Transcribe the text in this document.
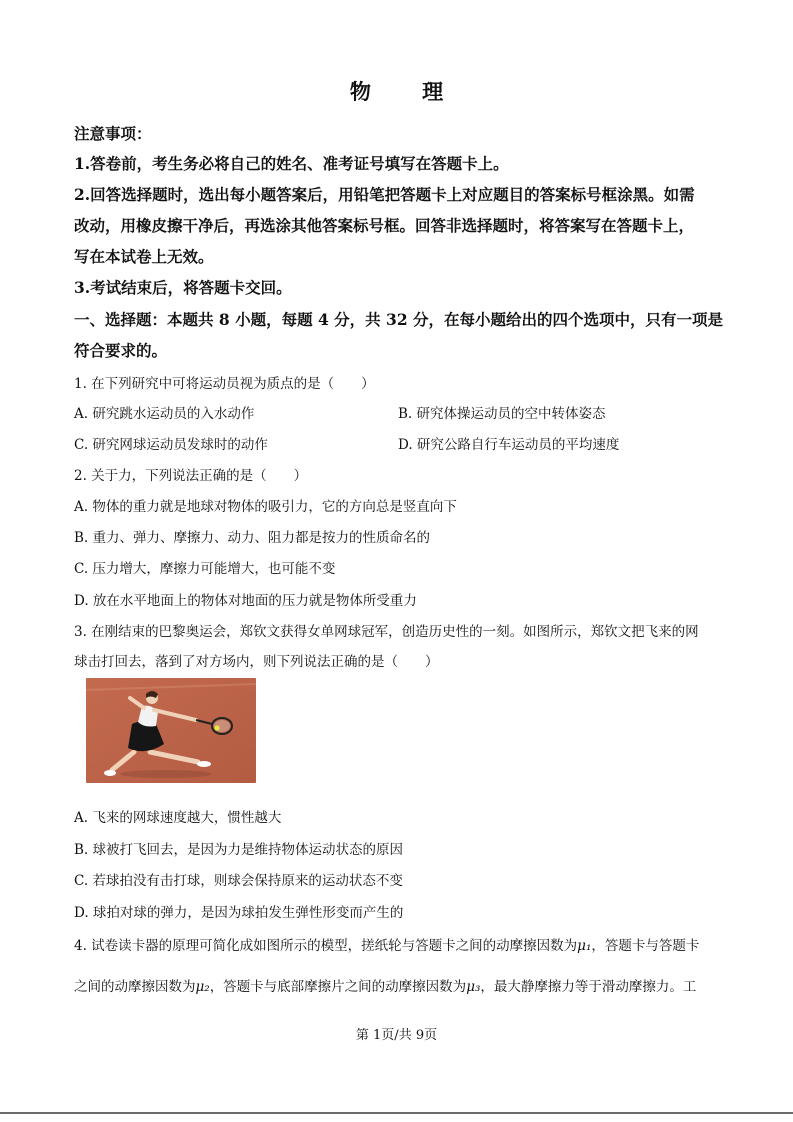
物 理
注意事项：
1.答卷前，考生务必将自己的姓名、准考证号填写在答题卡上。
2.回答选择题时，选出每小题答案后，用铅笔把答题卡上对应题目的答案标号框涂黑。如需
改动，用橡皮擦干净后，再选涂其他答案标号框。回答非选择题时，将答案写在答题卡上，
写在本试卷上无效。
3.考试结束后，将答题卡交回。
一、选择题：本题共 8 小题，每题 4 分，共 32 分，在每小题给出的四个选项中，只有一项是
符合要求的。
1. 在下列研究中可将运动员视为质点的是（　　）
A. 研究跳水运动员的入水动作	B. 研究体操运动员的空中转体姿态
C. 研究网球运动员发球时的动作	D. 研究公路自行车运动员的平均速度
2. 关于力，下列说法正确的是（　　）
A. 物体的重力就是地球对物体的吸引力，它的方向总是竖直向下
B. 重力、弹力、摩擦力、动力、阻力都是按力的性质命名的
C. 压力增大，摩擦力可能增大，也可能不变
D. 放在水平地面上的物体对地面的压力就是物体所受重力
3. 在刚结束的巴黎奥运会，郑钦文获得女单网球冠军，创造历史性的一刻。如图所示，郑钦文把飞来的网
球击打回去，落到了对方场内，则下列说法正确的是（　　）
A. 飞来的网球速度越大，惯性越大
B. 球被打飞回去，是因为力是维持物体运动状态的原因
C. 若球拍没有击打球，则球会保持原来的运动状态不变
D. 球拍对球的弹力，是因为球拍发生弹性形变而产生的
4. 试卷读卡器的原理可简化成如图所示的模型，搓纸轮与答题卡之间的动摩擦因数为μ₁，答题卡与答题卡
之间的动摩擦因数为μ₂，答题卡与底部摩擦片之间的动摩擦因数为μ₃，最大静摩擦力等于滑动摩擦力。工
第 1页/共 9页
